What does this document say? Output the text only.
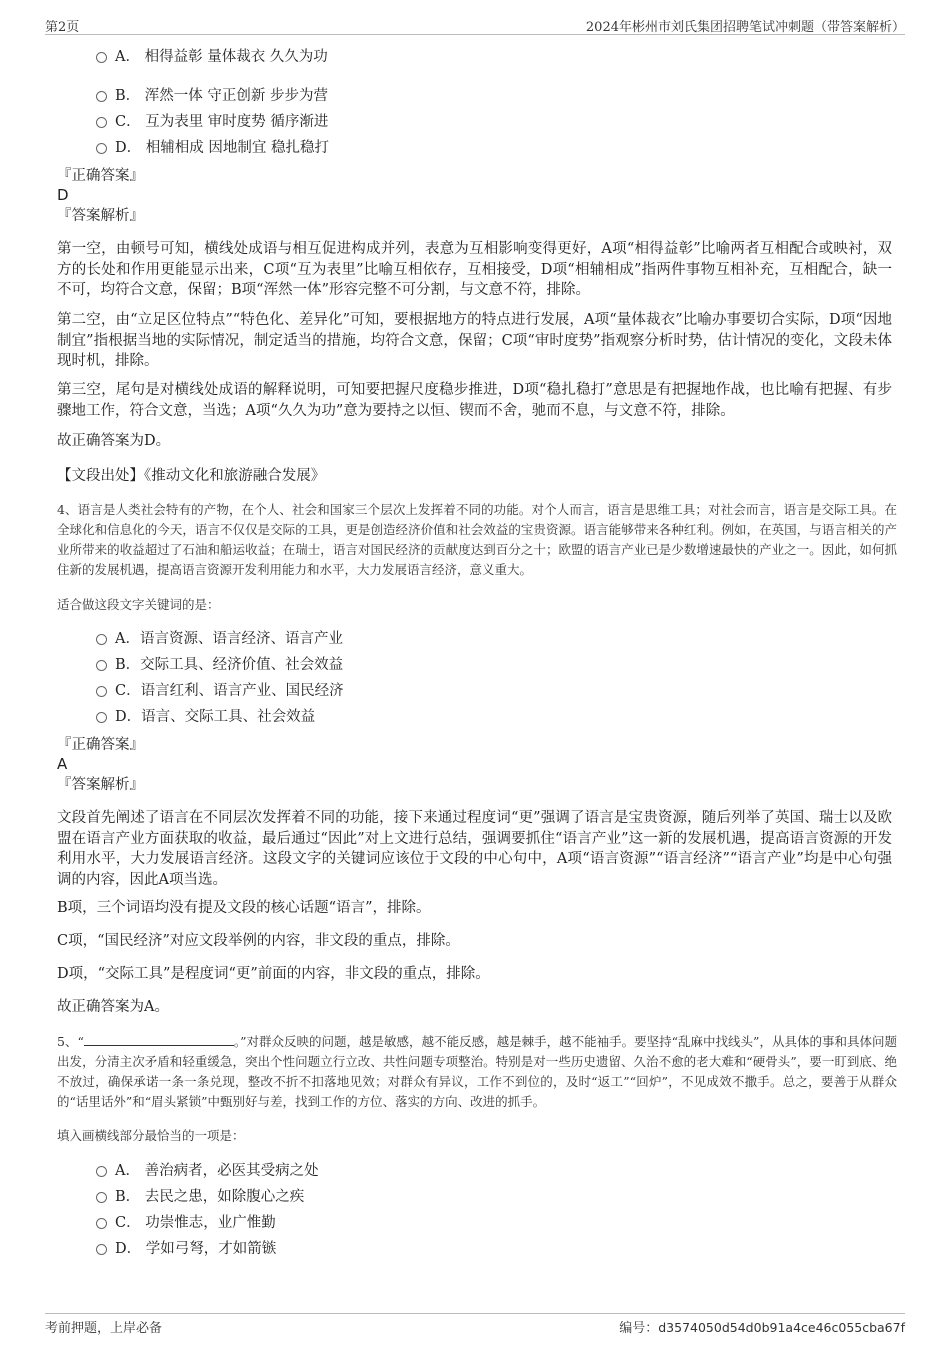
第2页	2024年彬州市刘氏集团招聘笔试冲刺题（带答案解析）
A． 相得益彰 量体裁衣 久久为功
B． 浑然一体 守正创新 步步为营
C． 互为表里 审时度势 循序渐进
D． 相辅相成 因地制宜 稳扎稳打
『正确答案』
D
『答案解析』
第一空，由顿号可知，横线处成语与相互促进构成并列，表意为互相影响变得更好，A项“相得益彰”比喻两者互相配合或映衬，双方的长处和作用更能显示出来，C项“互为表里”比喻互相依存，互相接受，D项“相辅相成”指两件事物互相补充，互相配合，缺一不可，均符合文意，保留；B项“浑然一体”形容完整不可分割，与文意不符，排除。
第二空，由“立足区位特点”“特色化、差异化”可知，要根据地方的特点进行发展，A项“量体裁衣”比喻办事要切合实际，D项“因地制宜”指根据当地的实际情况，制定适当的措施，均符合文意，保留；C项“审时度势”指观察分析时势，估计情况的变化，文段未体现时机，排除。
第三空，尾句是对横线处成语的解释说明，可知要把握尺度稳步推进，D项“稳扎稳打”意思是有把握地作战，也比喻有把握、有步骤地工作，符合文意，当选；A项“久久为功”意为要持之以恒、锲而不舍，驰而不息，与文意不符，排除。
故正确答案为D。
【文段出处】《推动文化和旅游融合发展》
4、语言是人类社会特有的产物，在个人、社会和国家三个层次上发挥着不同的功能。对个人而言，语言是思维工具；对社会而言，语言是交际工具。在全球化和信息化的今天，语言不仅仅是交际的工具，更是创造经济价值和社会效益的宝贵资源。语言能够带来各种红利。例如，在英国，与语言相关的产业所带来的收益超过了石油和船运收益；在瑞士，语言对国民经济的贡献度达到百分之十；欧盟的语言产业已是少数增速最快的产业之一。因此，如何抓住新的发展机遇，提高语言资源开发利用能力和水平，大力发展语言经济，意义重大。
适合做这段文字关键词的是：
A．语言资源、语言经济、语言产业
B．交际工具、经济价值、社会效益
C．语言红利、语言产业、国民经济
D．语言、交际工具、社会效益
『正确答案』
A
『答案解析』
文段首先阐述了语言在不同层次发挥着不同的功能，接下来通过程度词“更”强调了语言是宝贵资源，随后列举了英国、瑞士以及欧盟在语言产业方面获取的收益，最后通过“因此”对上文进行总结，强调要抓住“语言产业”这一新的发展机遇，提高语言资源的开发利用水平，大力发展语言经济。这段文字的关键词应该位于文段的中心句中，A项“语言资源”“语言经济”“语言产业”均是中心句强调的内容，因此A项当选。
B项，三个词语均没有提及文段的核心话题“语言”，排除。
C项，“国民经济”对应文段举例的内容，非文段的重点，排除。
D项，“交际工具”是程度词“更”前面的内容，非文段的重点，排除。
故正确答案为A。
5、“	。”对群众反映的问题，越是敏感，越不能反感，越是棘手，越不能袖手。要坚持“乱麻中找线头”，从具体的事和具体问题出发，分清主次矛盾和轻重缓急，突出个性问题立行立改、共性问题专项整治。特别是对一些历史遗留、久治不愈的老大难和“硬骨头”，要一盯到底、绝不放过，确保承诺一条一条兑现，整改不折不扣落地见效；对群众有异议，工作不到位的，及时“返工”“回炉”，不见成效不撒手。总之，要善于从群众的“话里话外”和“眉头紧锁”中甄别好与差，找到工作的方位、落实的方向、改进的抓手。
填入画横线部分最恰当的一项是：
A． 善治病者，必医其受病之处
B． 去民之患，如除腹心之疾
C． 功崇惟志，业广惟勤
D． 学如弓弩，才如箭镞
考前押题，上岸必备	编号：d3574050d54d0b91a4ce46c055cba67f
